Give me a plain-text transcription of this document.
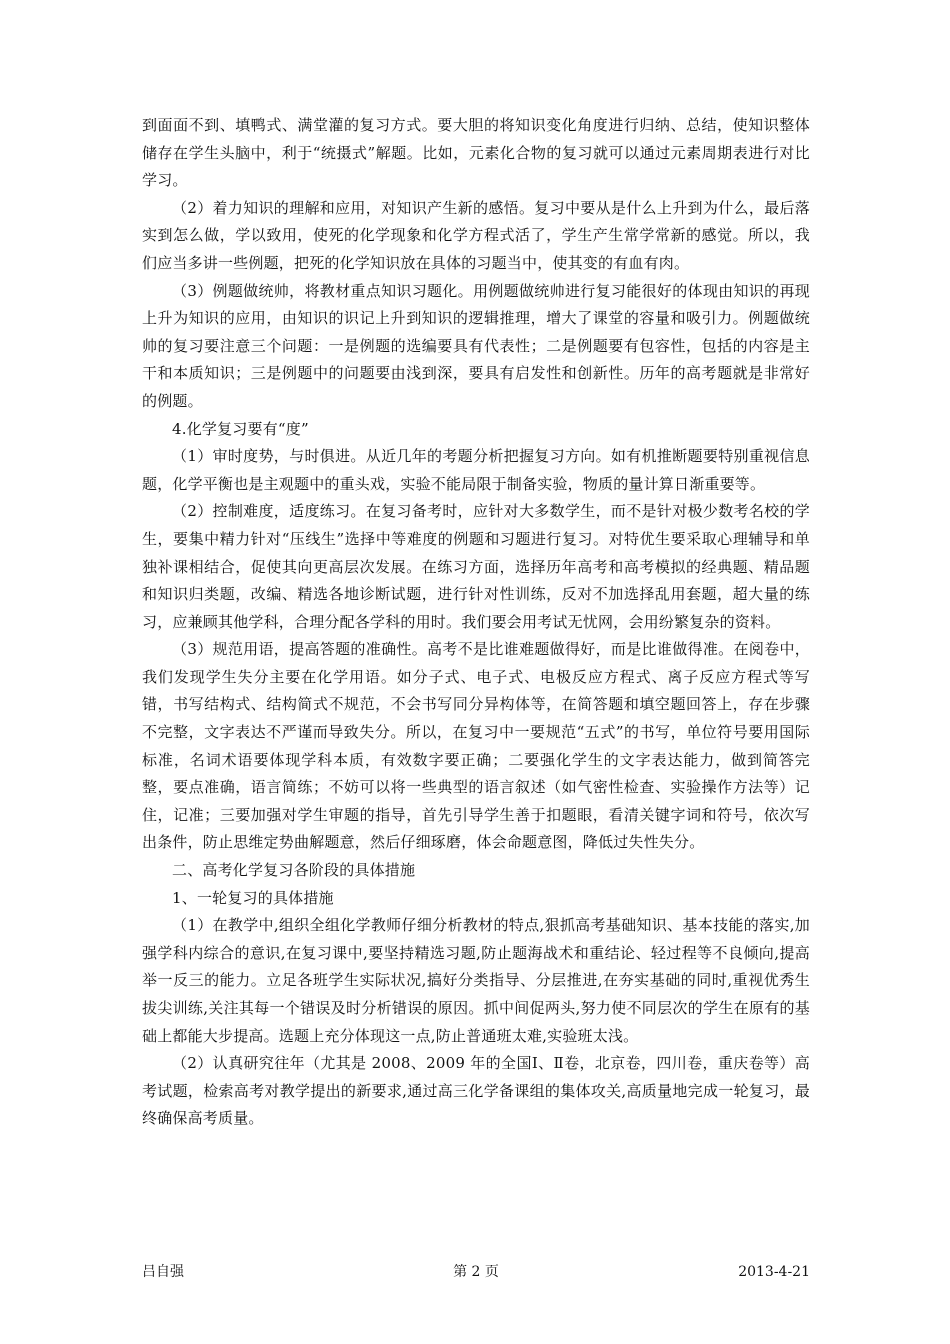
到面面不到、填鸭式、满堂灌的复习方式。要大胆的将知识变化角度进行归纳、总结，使知识整体储存在学生头脑中，利于“统摄式”解题。比如，元素化合物的复习就可以通过元素周期表进行对比学习。

（2）着力知识的理解和应用，对知识产生新的感悟。复习中要从是什么上升到为什么，最后落实到怎么做，学以致用，使死的化学现象和化学方程式活了，学生产生常学常新的感觉。所以，我们应当多讲一些例题，把死的化学知识放在具体的习题当中，使其变的有血有肉。

（3）例题做统帅，将教材重点知识习题化。用例题做统帅进行复习能很好的体现由知识的再现上升为知识的应用，由知识的识记上升到知识的逻辑推理，增大了课堂的容量和吸引力。例题做统帅的复习要注意三个问题：一是例题的选编要具有代表性；二是例题要有包容性，包括的内容是主干和本质知识；三是例题中的问题要由浅到深，要具有启发性和创新性。历年的高考题就是非常好的例题。

4.化学复习要有“度”

（1）审时度势，与时俱进。从近几年的考题分析把握复习方向。如有机推断题要特别重视信息题，化学平衡也是主观题中的重头戏，实验不能局限于制备实验，物质的量计算日渐重要等。

（2）控制难度，适度练习。在复习备考时，应针对大多数学生，而不是针对极少数考名校的学生，要集中精力针对“压线生”选择中等难度的例题和习题进行复习。对特优生要采取心理辅导和单独补课相结合，促使其向更高层次发展。在练习方面，选择历年高考和高考模拟的经典题、精品题和知识归类题，改编、精选各地诊断试题，进行针对性训练，反对不加选择乱用套题，超大量的练习，应兼顾其他学科，合理分配各学科的用时。我们要会用考试无忧网，会用纷繁复杂的资料。

（3）规范用语，提高答题的准确性。高考不是比谁难题做得好，而是比谁做得准。在阅卷中，我们发现学生失分主要在化学用语。如分子式、电子式、电极反应方程式、离子反应方程式等写错，书写结构式、结构简式不规范，不会书写同分异构体等，在简答题和填空题回答上，存在步骤不完整，文字表达不严谨而导致失分。所以，在复习中一要规范“五式”的书写，单位符号要用国际标准，名词术语要体现学科本质，有效数字要正确；二要强化学生的文字表达能力，做到简答完整，要点准确，语言简练；不妨可以将一些典型的语言叙述（如气密性检查、实验操作方法等）记住，记准；三要加强对学生审题的指导，首先引导学生善于扣题眼，看清关键字词和符号，依次写出条件，防止思维定势曲解题意，然后仔细琢磨，体会命题意图，降低过失性失分。

二、高考化学复习各阶段的具体措施

1、一轮复习的具体措施

（1）在教学中,组织全组化学教师仔细分析教材的特点,狠抓高考基础知识、基本技能的落实,加强学科内综合的意识,在复习课中,要坚持精选习题,防止题海战术和重结论、轻过程等不良倾向,提高举一反三的能力。立足各班学生实际状况,搞好分类指导、分层推进,在夯实基础的同时,重视优秀生拔尖训练,关注其每一个错误及时分析错误的原因。抓中间促两头,努力使不同层次的学生在原有的基础上都能大步提高。选题上充分体现这一点,防止普通班太难,实验班太浅。

（2）认真研究往年（尤其是 2008、2009 年的全国Ⅰ、Ⅱ卷，北京卷，四川卷，重庆卷等）高考试题，检索高考对教学提出的新要求,通过高三化学备课组的集体攻关,高质量地完成一轮复习，最终确保高考质量。

吕自强	第 2 页	2013-4-21
